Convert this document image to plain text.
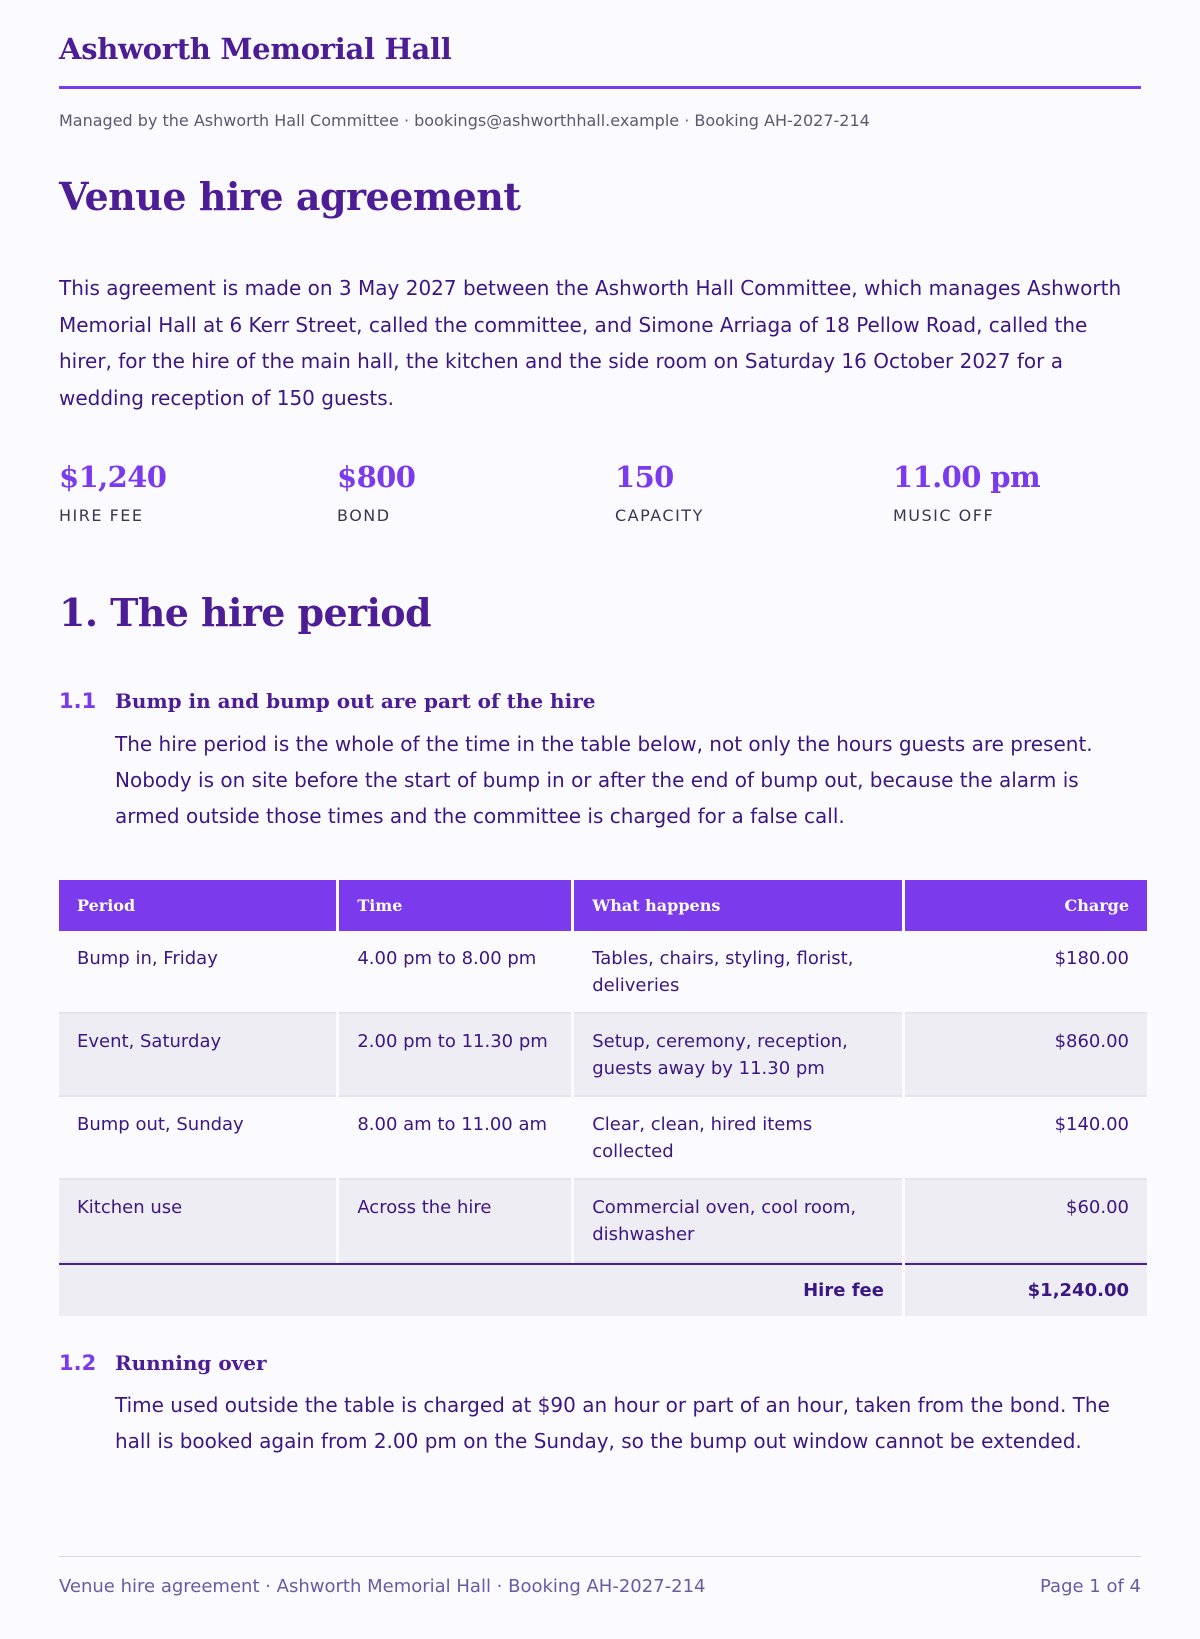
Ashworth Memorial Hall
Managed by the Ashworth Hall Committee · bookings@ashworthhall.example · Booking AH-2027-214
Venue hire agreement

This agreement is made on 3 May 2027 between the Ashworth Hall Committee, which manages Ashworth Memorial Hall at 6 Kerr Street, called the committee, and Simone Arriaga of 18 Pellow Road, called the hirer, for the hire of the main hall, the kitchen and the side room on Saturday 16 October 2027 for a wedding reception of 150 guests.

$1,240
HIRE FEE
$800
BOND
150
CAPACITY
11.00 pm
MUSIC OFF
1. The hire period
1.1 Bump in and bump out are part of the hire

The hire period is the whole of the time in the table below, not only the hours guests are present. Nobody is on site before the start of bump in or after the end of bump out, because the alarm is armed outside those times and the committee is charged for a false call.

Period	Time	What happens	Charge
Bump in, Friday	4.00 pm to 8.00 pm	Tables, chairs, styling, florist, deliveries	$180.00
Event, Saturday	2.00 pm to 11.30 pm	Setup, ceremony, reception, guests away by 11.30 pm	$860.00
Bump out, Sunday	8.00 am to 11.00 am	Clear, clean, hired items collected	$140.00
Kitchen use	Across the hire	Commercial oven, cool room, dishwasher	$60.00
Hire fee			$1,240.00
1.2 Running over

Time used outside the table is charged at $90 an hour or part of an hour, taken from the bond. The hall is booked again from 2.00 pm on the Sunday, so the bump out window cannot be extended.

Venue hire agreement · Ashworth Memorial Hall · Booking AH-2027-214	Page 1 of 4
